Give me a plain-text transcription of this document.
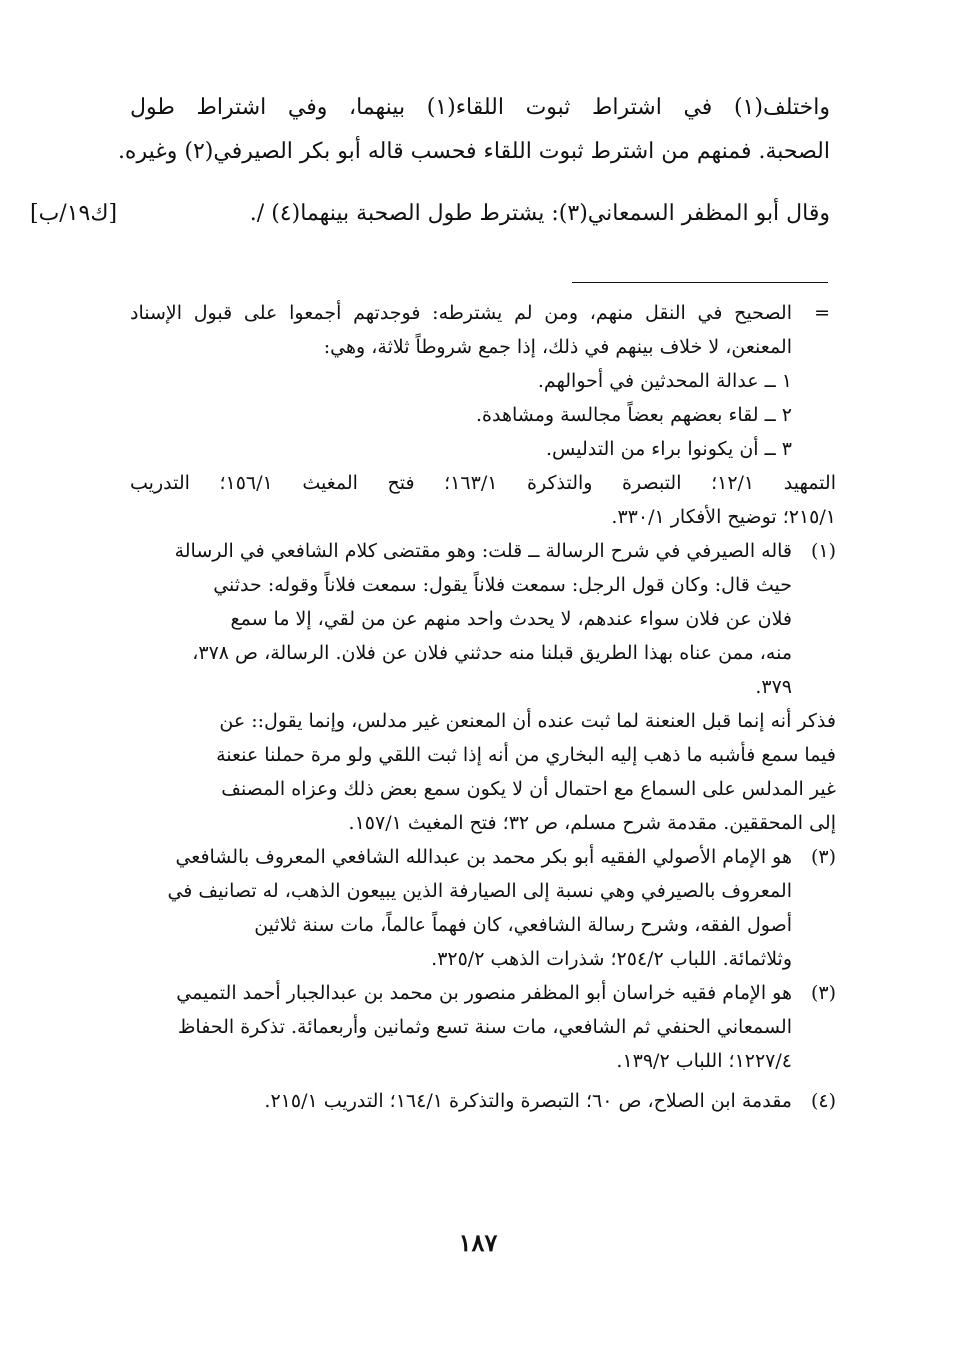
واختلف(١) في اشتراط ثبوت اللقاء(١) بينهما، وفي اشتراط طول

الصحبة. فمنهم من اشترط ثبوت اللقاء فحسب قاله أبو بكر الصيرفي(٢) وغيره.

[ك١٩/ب]	وقال أبو المظفر السمعاني(٣): يشترط طول الصحبة بينهما(٤) /.
=
الصحيح في النقل منهم، ومن لم يشترطه: فوجدتهم أجمعوا على قبول الإسناد
المعنعن، لا خلاف بينهم في ذلك، إذا جمع شروطاً ثلاثة، وهي:
١ ــ عدالة المحدثين في أحوالهم.
٢ ــ لقاء بعضهم بعضاً مجالسة ومشاهدة.
٣ ــ أن يكونوا براء من التدليس.
التمهيد ١٢/١؛ التبصرة والتذكرة ١٦٣/١؛ فتح المغيث ١٥٦/١؛ التدريب
٢١٥/١؛ توضيح الأفكار ٣٣٠/١.
(١)
قاله الصيرفي في شرح الرسالة ــ قلت: وهو مقتضى كلام الشافعي في الرسالة
حيث قال: وكان قول الرجل: سمعت فلاناً يقول: سمعت فلاناً وقوله: حدثني
فلان عن فلان سواء عندهم، لا يحدث واحد منهم عن من لقي، إلا ما سمع
منه، ممن عناه بهذا الطريق قبلنا منه حدثني فلان عن فلان. الرسالة، ص ٣٧٨،
٣٧٩.
فذكر أنه إنما قبل العنعنة لما ثبت عنده أن المعنعن غير مدلس، وإنما يقول:: عن
فيما سمع فأشبه ما ذهب إليه البخاري من أنه إذا ثبت اللقي ولو مرة حملنا عنعنة
غير المدلس على السماع مع احتمال أن لا يكون سمع بعض ذلك وعزاه المصنف
إلى المحققين. مقدمة شرح مسلم، ص ٣٢؛ فتح المغيث ١٥٧/١.
(٣)
هو الإمام الأصولي الفقيه أبو بكر محمد بن عبدالله الشافعي المعروف بالشافعي
المعروف بالصيرفي وهي نسبة إلى الصيارفة الذين يبيعون الذهب، له تصانيف في
أصول الفقه، وشرح رسالة الشافعي، كان فهماً عالماً، مات سنة ثلاثين
وثلاثمائة. اللباب ٢٥٤/٢؛ شذرات الذهب ٣٢٥/٢.
(٣)
هو الإمام فقيه خراسان أبو المظفر منصور بن محمد بن عبدالجبار أحمد التميمي
السمعاني الحنفي ثم الشافعي، مات سنة تسع وثمانين وأربعمائة. تذكرة الحفاظ
١٢٢٧/٤؛ اللباب ١٣٩/٢.
(٤)
مقدمة ابن الصلاح، ص ٦٠؛ التبصرة والتذكرة ١٦٤/١؛ التدريب ٢١٥/١.
١٨٧
